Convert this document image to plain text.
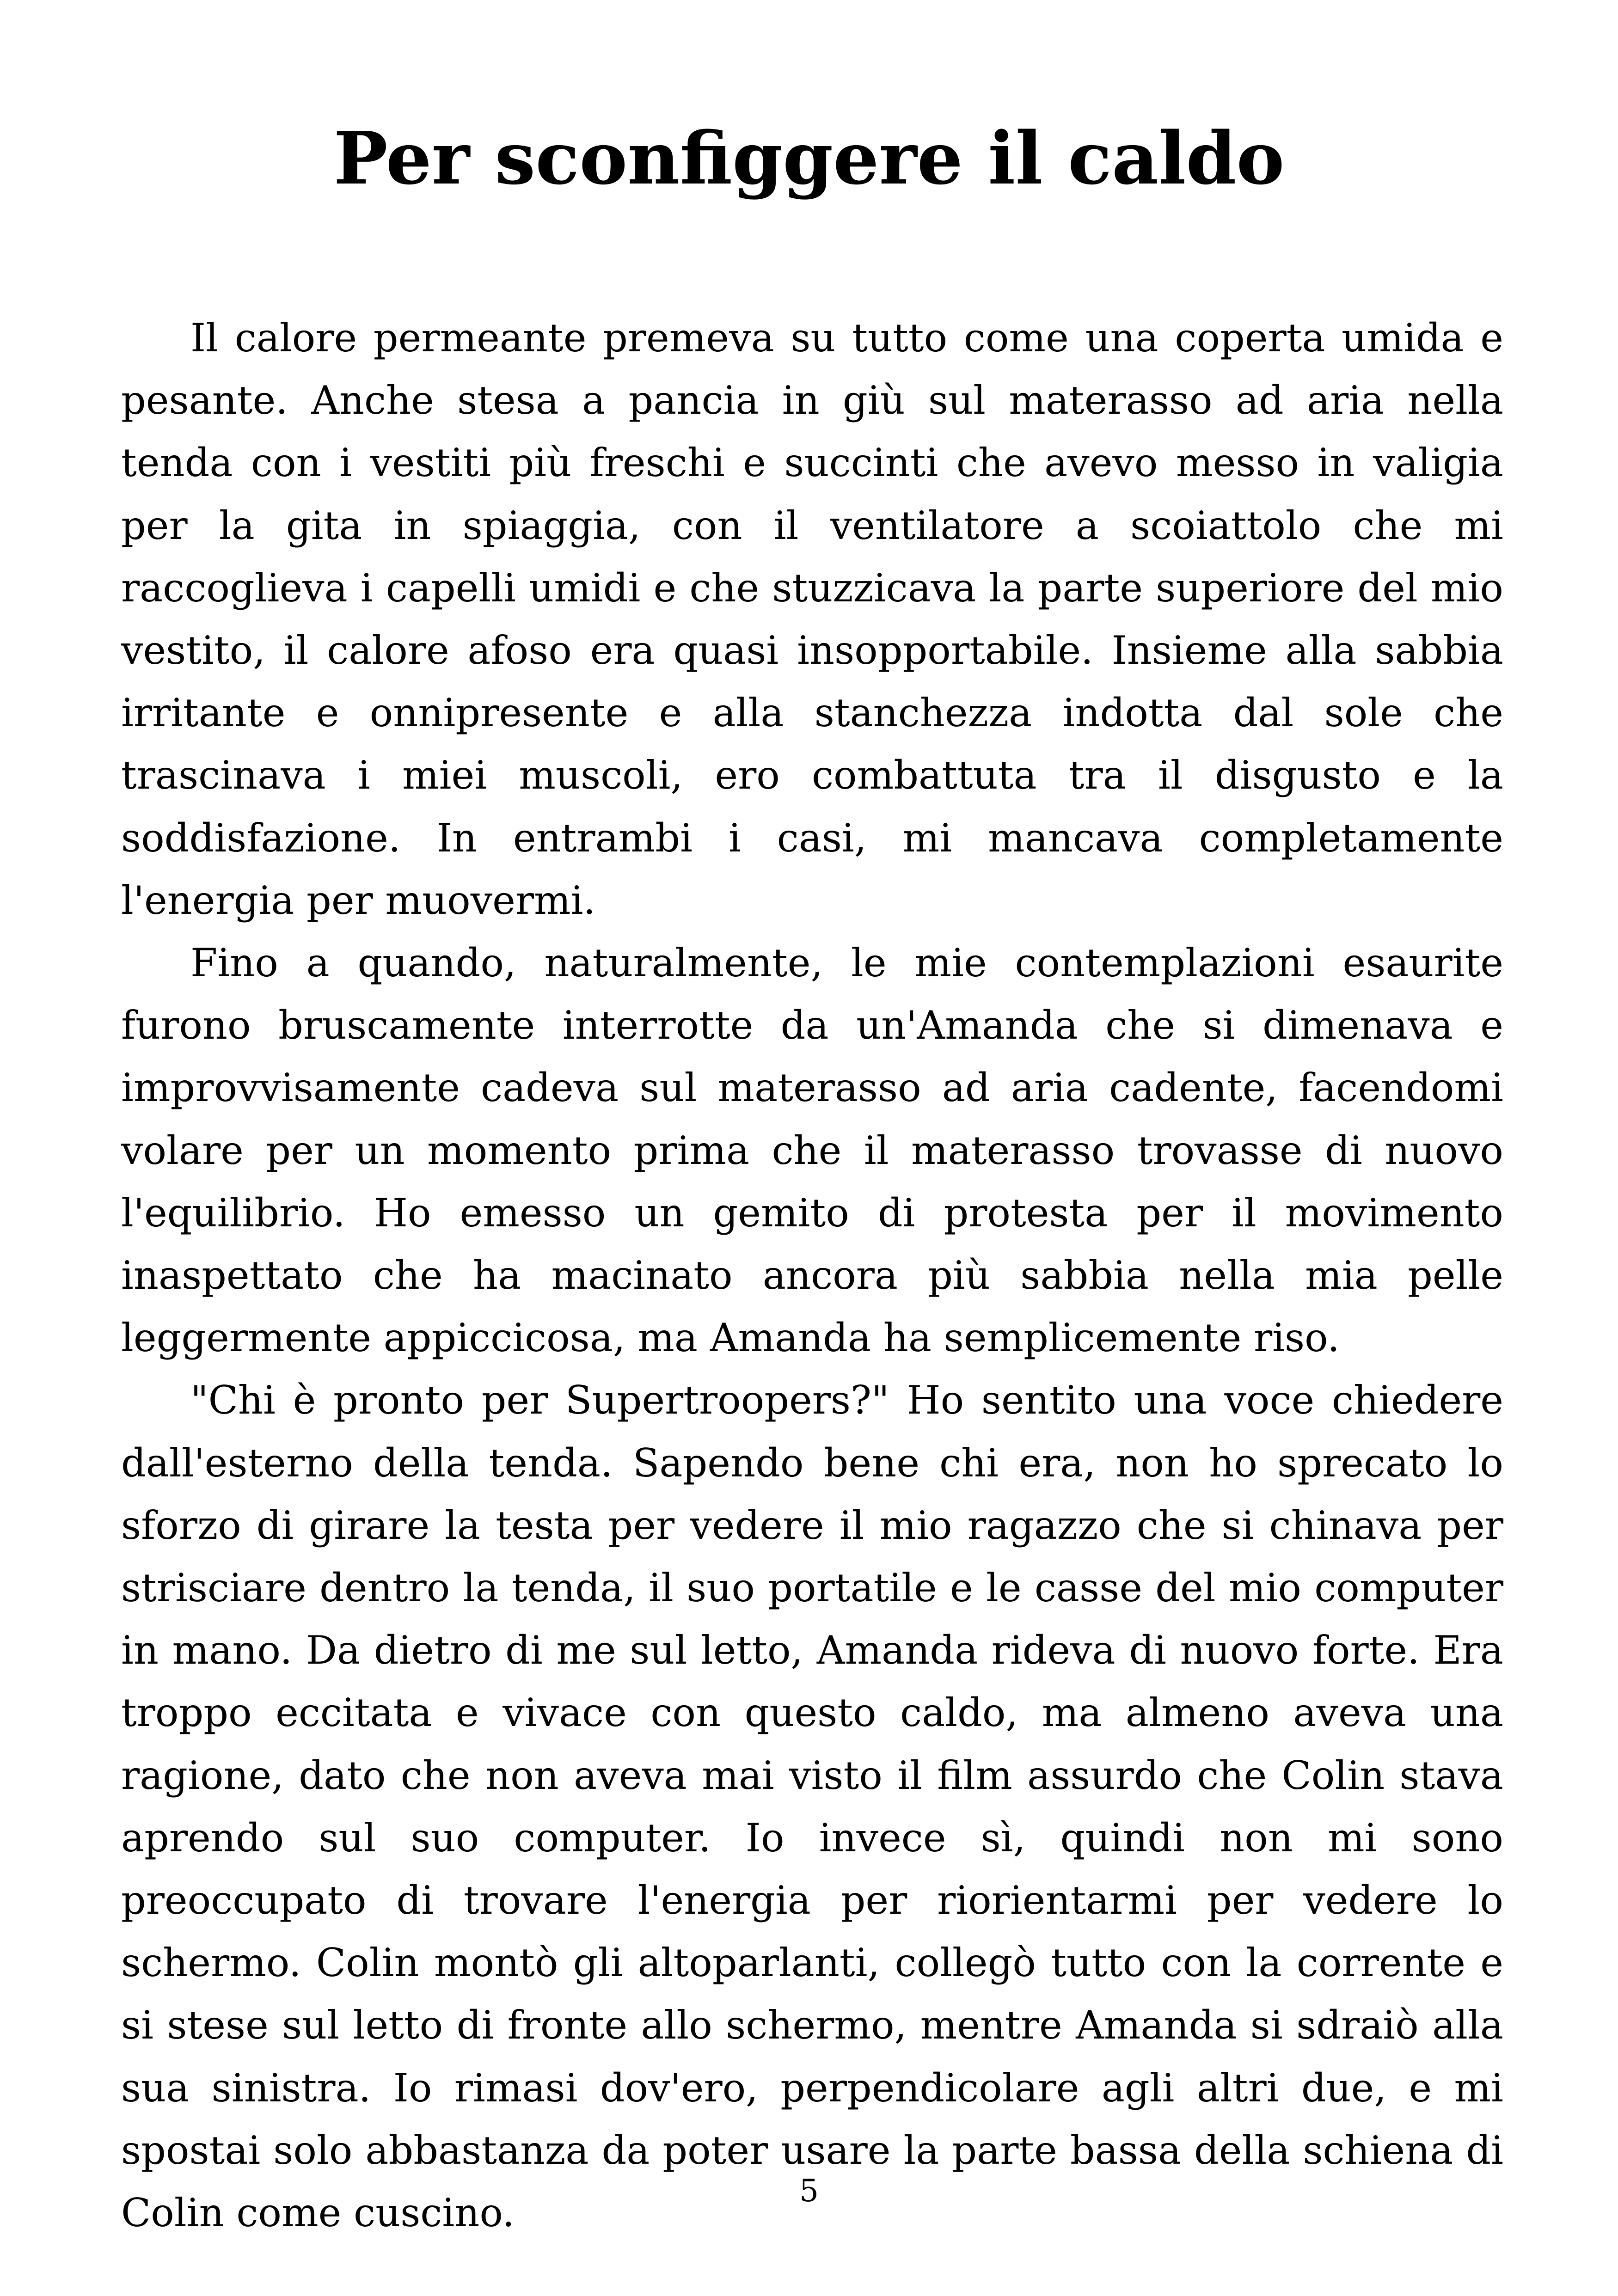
Per sconfiggere il caldo

Il calore permeante premeva su tutto come una coperta umida e pesante. Anche stesa a pancia in giù sul materasso ad aria nella tenda con i vestiti più freschi e succinti che avevo messo in valigia per la gita in spiaggia, con il ventilatore a scoiattolo che mi raccoglieva i capelli umidi e che stuzzicava la parte superiore del mio vestito, il calore afoso era quasi insopportabile. Insieme alla sabbia irritante e onnipresente e alla stanchezza indotta dal sole che trascinava i miei muscoli, ero combattuta tra il disgusto e la soddisfazione. In entrambi i casi, mi mancava completamente l'energia per muovermi.

Fino a quando, naturalmente, le mie contemplazioni esaurite furono bruscamente interrotte da un'Amanda che si dimenava e improvvisamente cadeva sul materasso ad aria cadente, facendomi volare per un momento prima che il materasso trovasse di nuovo l'equilibrio. Ho emesso un gemito di protesta per il movimento inaspettato che ha macinato ancora più sabbia nella mia pelle leggermente appiccicosa, ma Amanda ha semplicemente riso.

"Chi è pronto per Supertroopers?" Ho sentito una voce chiedere dall'esterno della tenda. Sapendo bene chi era, non ho sprecato lo sforzo di girare la testa per vedere il mio ragazzo che si chinava per strisciare dentro la tenda, il suo portatile e le casse del mio computer in mano. Da dietro di me sul letto, Amanda rideva di nuovo forte. Era troppo eccitata e vivace con questo caldo, ma almeno aveva una ragione, dato che non aveva mai visto il film assurdo che Colin stava aprendo sul suo computer. Io invece sì, quindi non mi sono preoccupato di trovare l'energia per riorientarmi per vedere lo schermo. Colin montò gli altoparlanti, collegò tutto con la corrente e si stese sul letto di fronte allo schermo, mentre Amanda si sdraiò alla sua sinistra. Io rimasi dov'ero, perpendicolare agli altri due, e mi spostai solo abbastanza da poter usare la parte bassa della schiena di Colin come cuscino.	5
